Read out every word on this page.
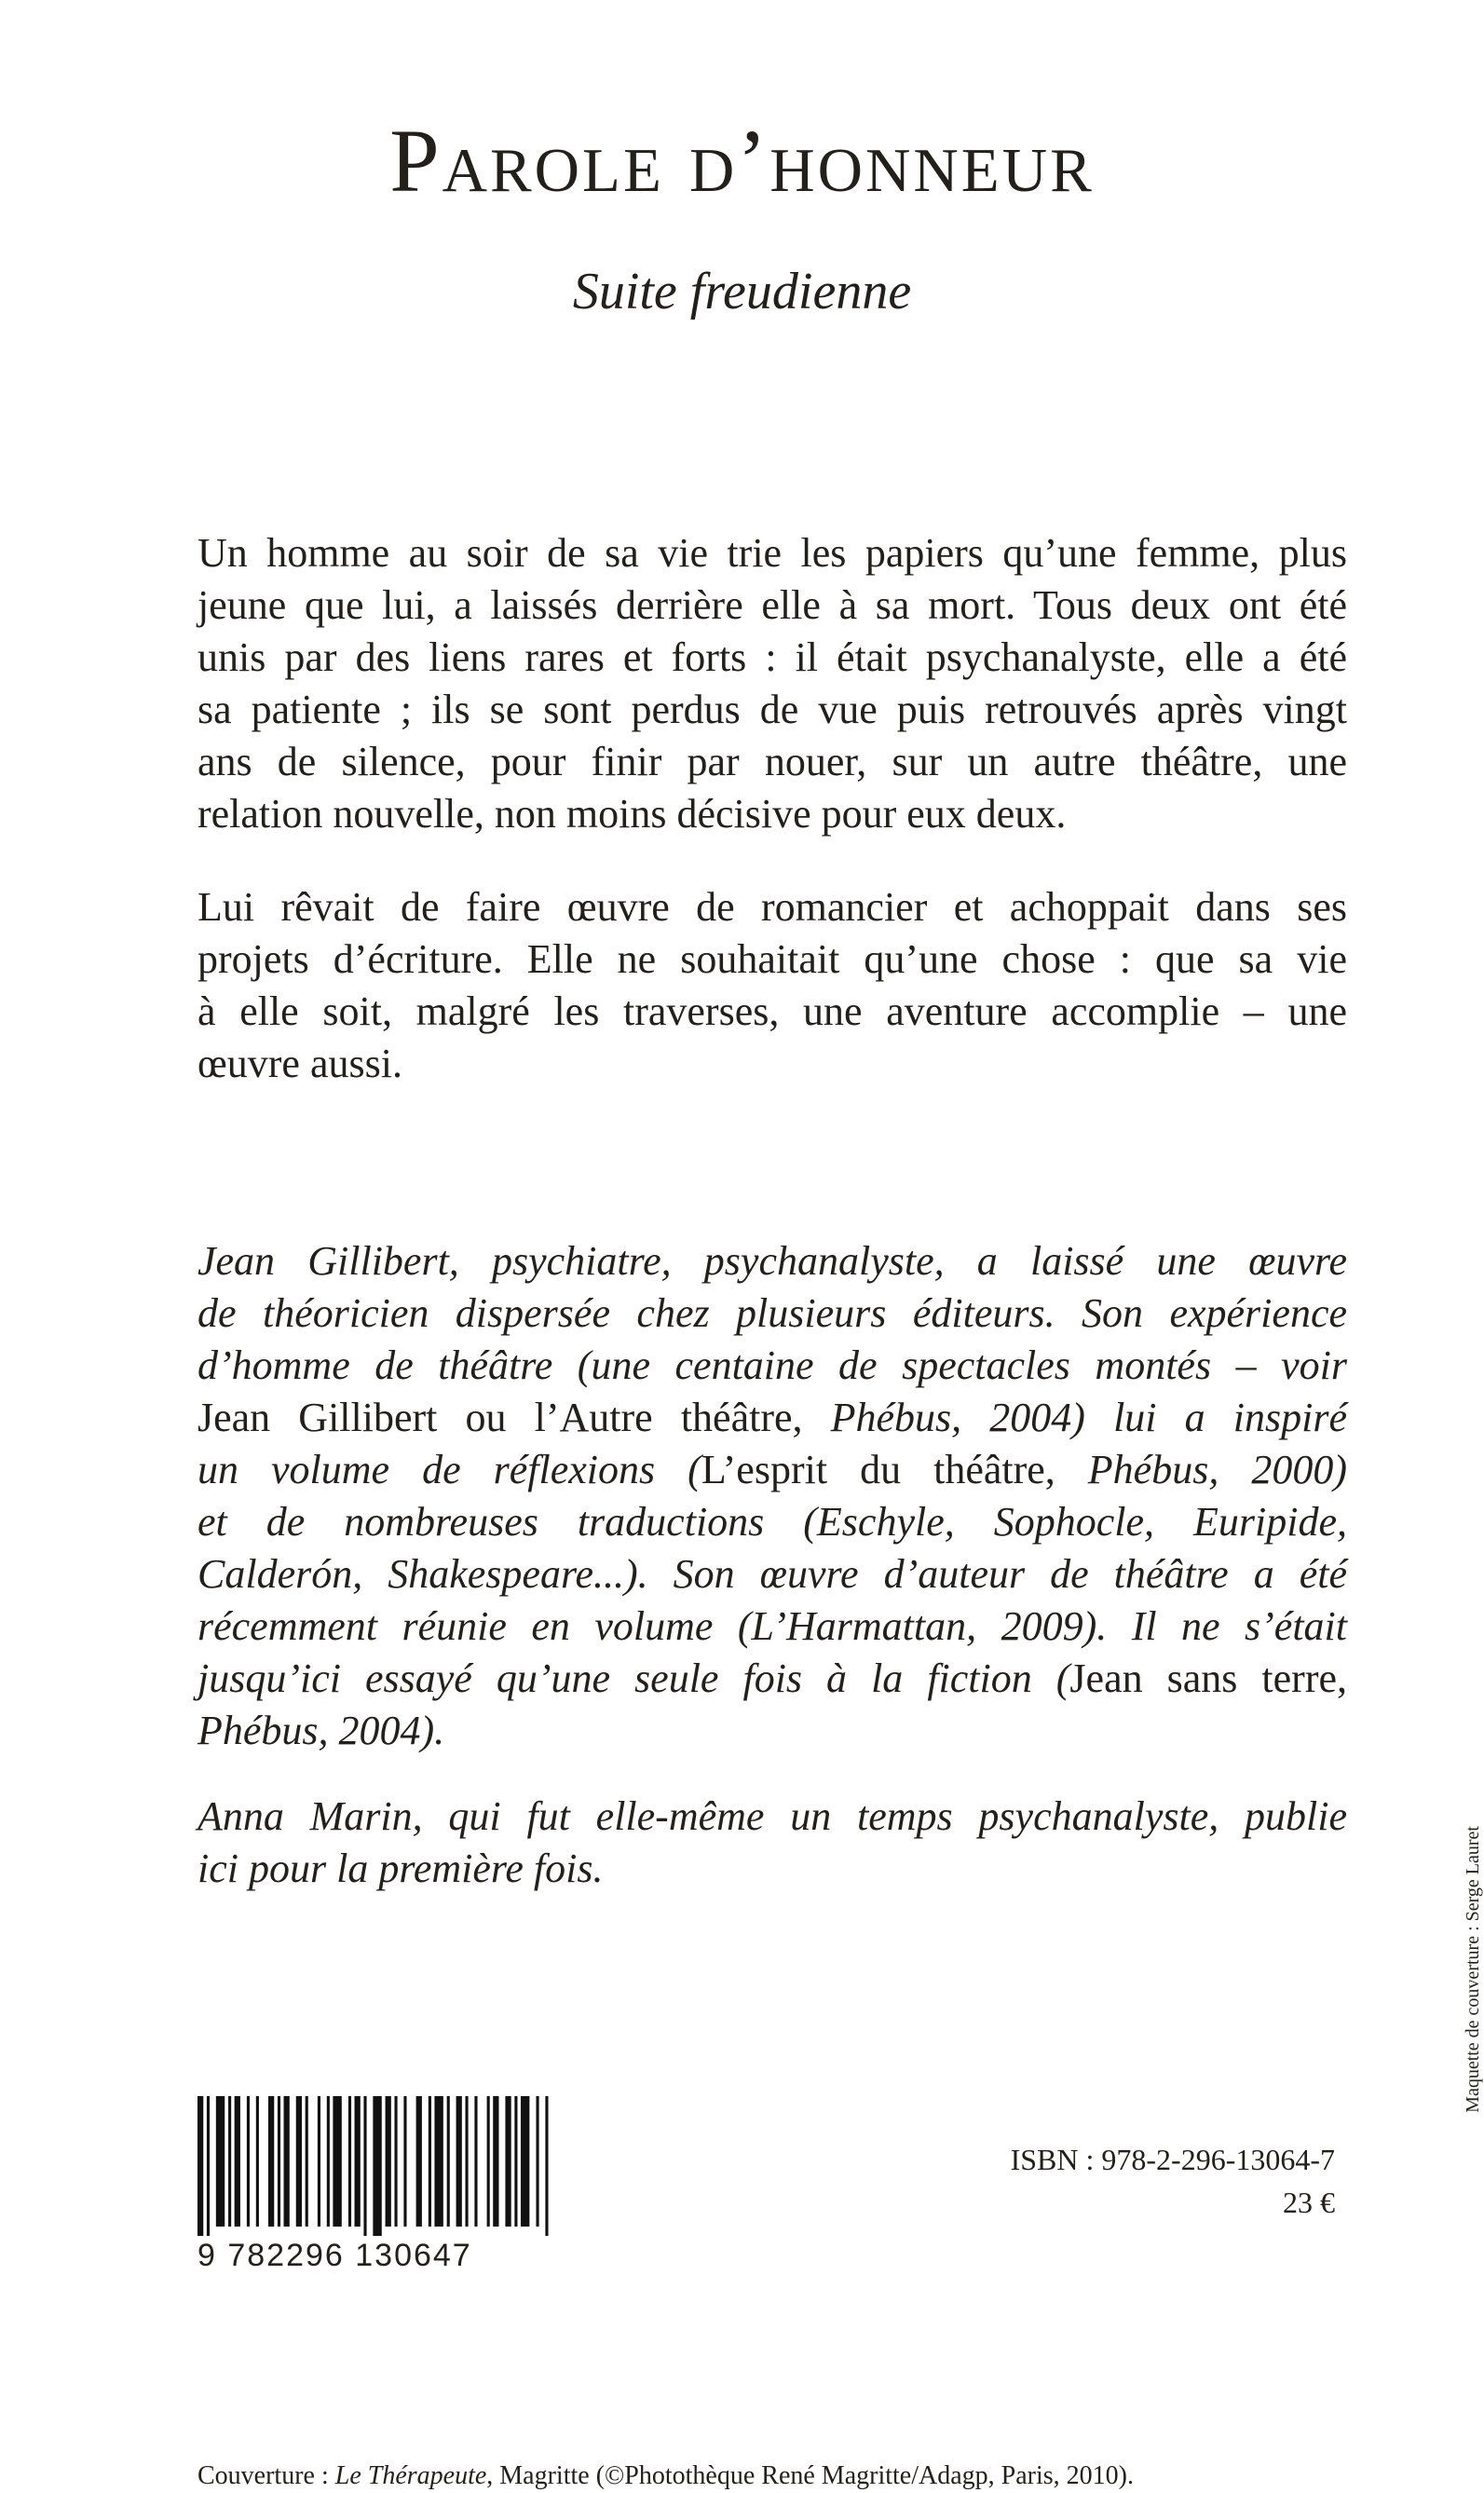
Parole d’honneur

Suite freudienne

Un homme au soir de sa vie trie les papiers qu’une femme, plus
jeune que lui, a laissés derrière elle à sa mort. Tous deux ont été
unis par des liens rares et forts : il était psychanalyste, elle a été
sa patiente ; ils se sont perdus de vue puis retrouvés après vingt
ans de silence, pour finir par nouer, sur un autre théâtre, une
relation nouvelle, non moins décisive pour eux deux.
Lui rêvait de faire œuvre de romancier et achoppait dans ses
projets d’écriture. Elle ne souhaitait qu’une chose : que sa vie
à elle soit, malgré les traverses, une aventure accomplie – une
œuvre aussi.
Jean Gillibert, psychiatre, psychanalyste, a laissé une œuvre
de théoricien dispersée chez plusieurs éditeurs. Son expérience
d’homme de théâtre (une centaine de spectacles montés – voir
Jean Gillibert ou l’Autre théâtre, Phébus, 2004) lui a inspiré
un volume de réflexions (L’esprit du théâtre, Phébus, 2000)
et de nombreuses traductions (Eschyle, Sophocle, Euripide,
Calderón, Shakespeare...). Son œuvre d’auteur de théâtre a été
récemment réunie en volume (L’Harmattan, 2009). Il ne s’était
jusqu’ici essayé qu’une seule fois à la fiction (Jean sans terre,
Phébus, 2004).
Anna Marin, qui fut elle-même un temps psychanalyste, publie
ici pour la première fois.

Couverture : Le Thérapeute, Magritte (©Photothèque René Magritte/Adagp, Paris, 2010).

9 782296 130647
ISBN : 978-2-296-13064-7
23 €
Maquette de couverture : Serge Lauret
